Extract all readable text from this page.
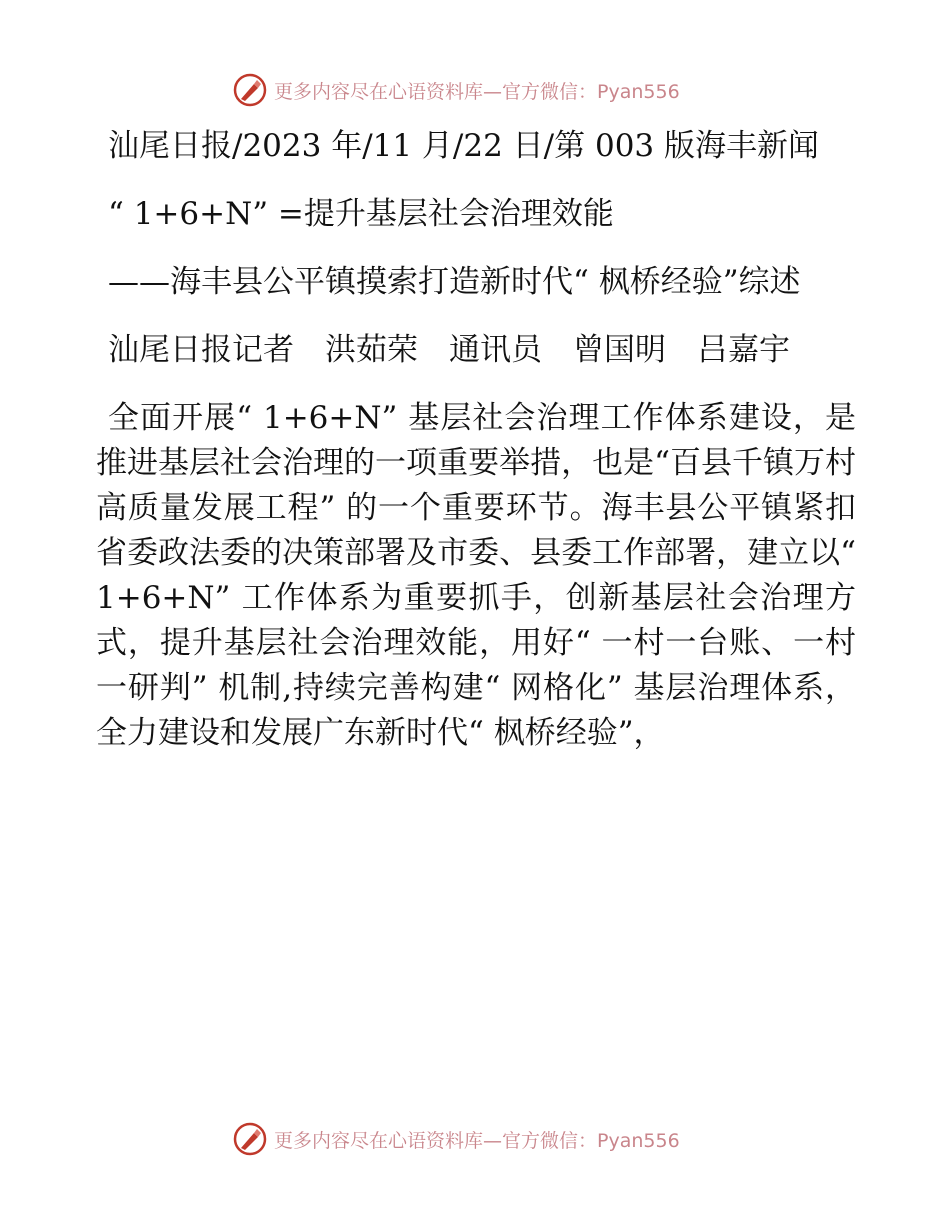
更多内容尽在心语资料库—官方微信：Pyan556

汕尾日报/2023 年/11 月/22 日/第 003 版海丰新闻

“ 1+6+N” =提升基层社会治理效能

——海丰县公平镇摸索打造新时代“ 枫桥经验”综述

汕尾日报记者　洪茹荣　通讯员　曾国明　吕嘉宇

全面开展“ 1+6+N” 基层社会治理工作体系建设，是推进基层社会治理的一项重要举措，也是“百县千镇万村高质量发展工程” 的一个重要环节。海丰县公平镇紧扣省委政法委的决策部署及市委、县委工作部署，建立以“ 1+6+N” 工作体系为重要抓手，创新基层社会治理方式，提升基层社会治理效能，用好“ 一村一台账、一村一研判” 机制,持续完善构建“ 网格化” 基层治理体系，全力建设和发展广东新时代“ 枫桥经验”，

更多内容尽在心语资料库—官方微信：Pyan556
